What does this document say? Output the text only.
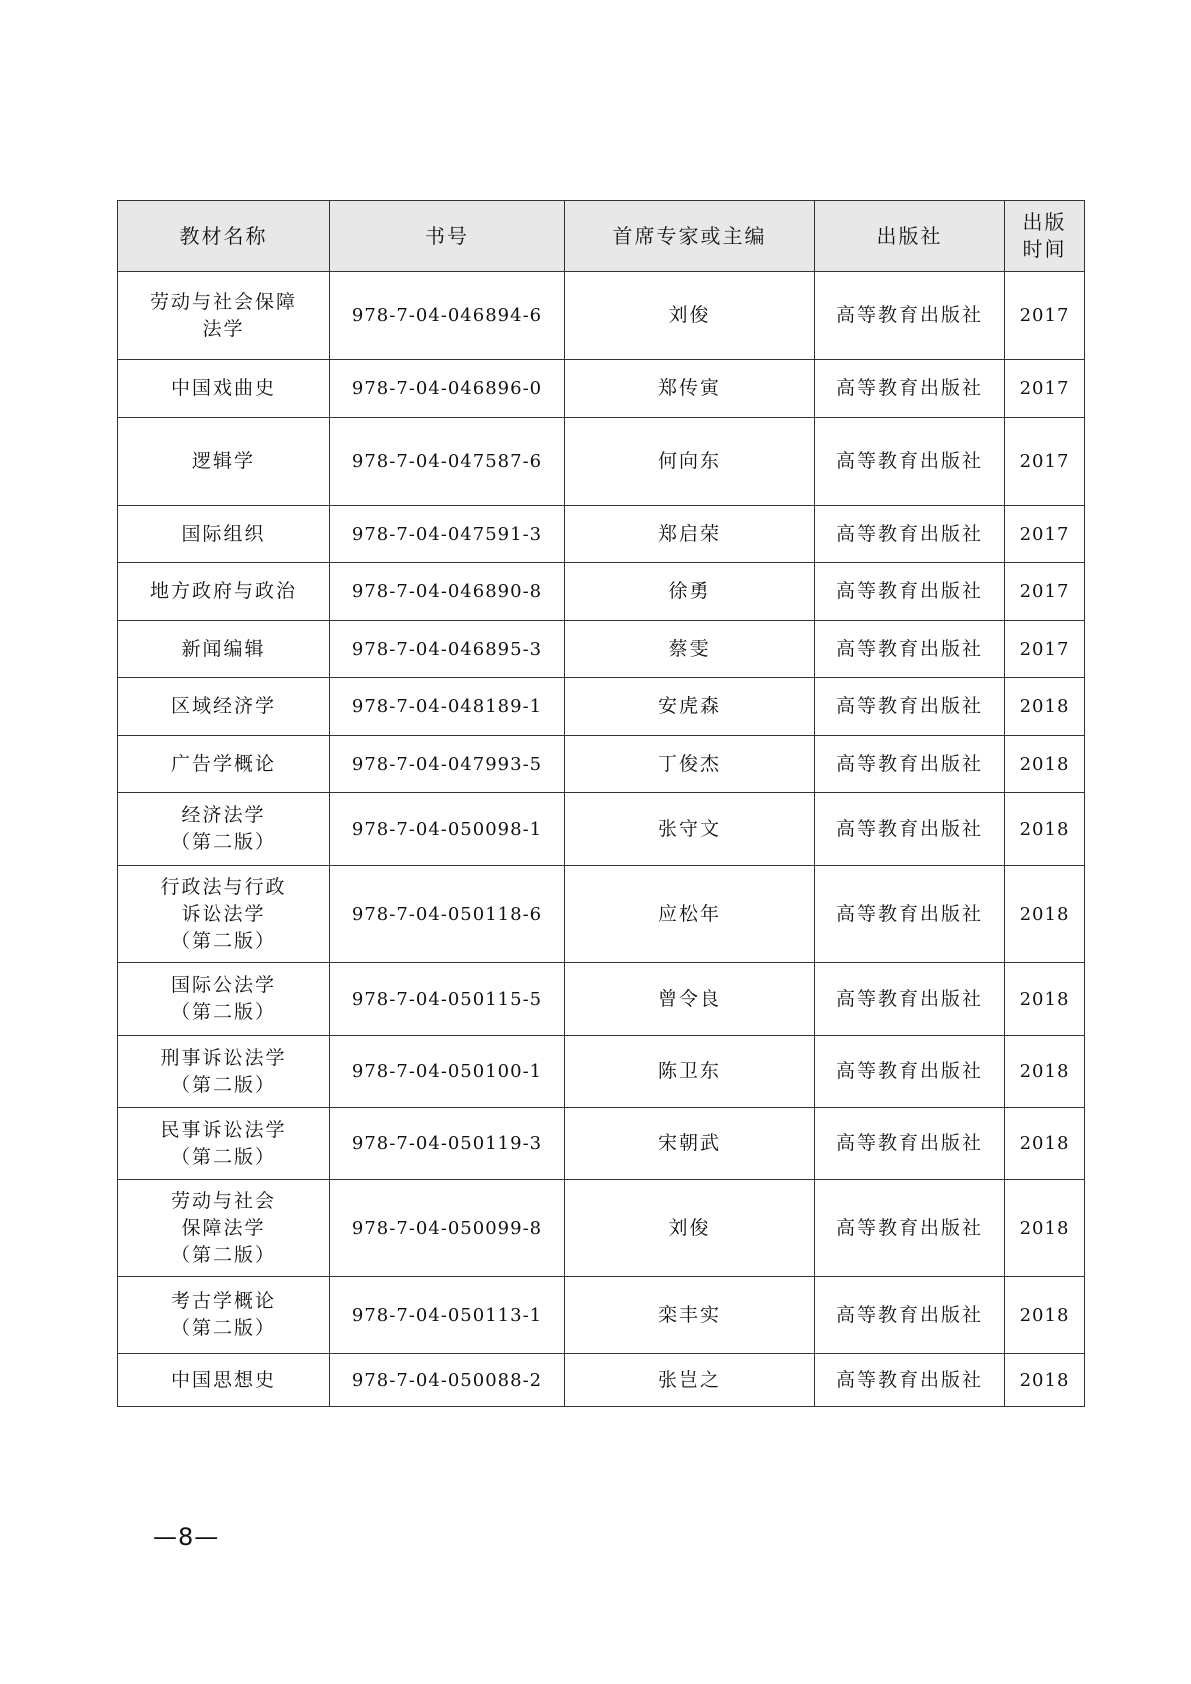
教材名称	书号	首席专家或主编	出版社	出版
时间

劳动与社会保障
法学	978-7-04-046894-6	刘俊	高等教育出版社	2017

中国戏曲史	978-7-04-046896-0	郑传寅	高等教育出版社	2017

逻辑学	978-7-04-047587-6	何向东	高等教育出版社	2017

国际组织	978-7-04-047591-3	郑启荣	高等教育出版社	2017

地方政府与政治	978-7-04-046890-8	徐勇	高等教育出版社	2017

新闻编辑	978-7-04-046895-3	蔡雯	高等教育出版社	2017

区域经济学	978-7-04-048189-1	安虎森	高等教育出版社	2018

广告学概论	978-7-04-047993-5	丁俊杰	高等教育出版社	2018

经济法学
（第二版）	978-7-04-050098-1	张守文	高等教育出版社	2018

行政法与行政
诉讼法学
（第二版）	978-7-04-050118-6	应松年	高等教育出版社	2018

国际公法学
（第二版）	978-7-04-050115-5	曾令良	高等教育出版社	2018

刑事诉讼法学
（第二版）	978-7-04-050100-1	陈卫东	高等教育出版社	2018

民事诉讼法学
（第二版）	978-7-04-050119-3	宋朝武	高等教育出版社	2018

劳动与社会
保障法学
（第二版）	978-7-04-050099-8	刘俊	高等教育出版社	2018

考古学概论
（第二版）	978-7-04-050113-1	栾丰实	高等教育出版社	2018

中国思想史	978-7-04-050088-2	张岂之	高等教育出版社	2018
—8—
